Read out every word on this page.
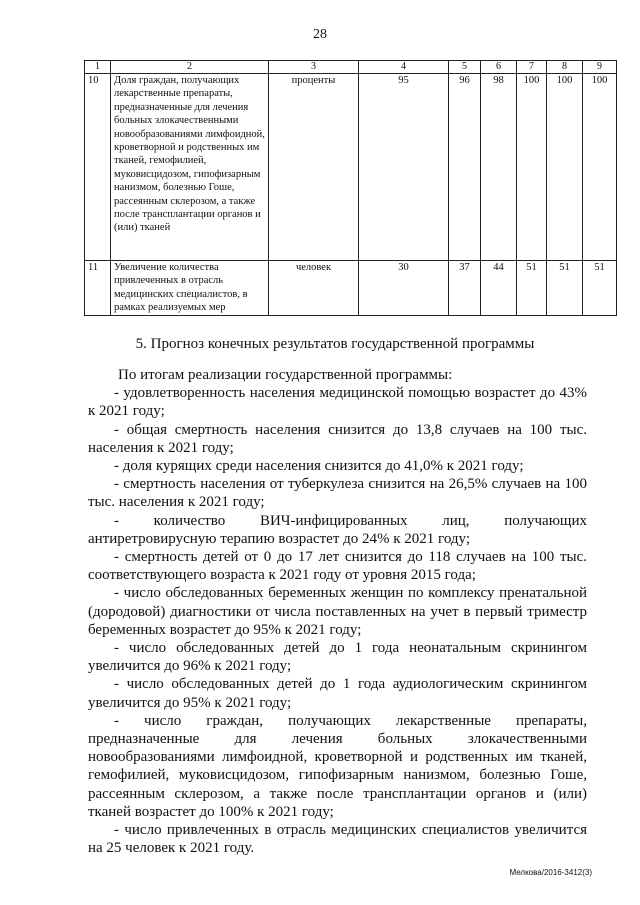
28
1	2	3	4	5	6	7	8	9
10	Доля граждан, получающих лекарственные препараты, предназначенные для лечения больных злокачественными новообразованиями лимфоидной, кроветворной и родственных им тканей, гемофилией, муковисцидозом, гипофизарным нанизмом, болезнью Гоше, рассеянным склерозом, а также после трансплантации органов и (или) тканей	проценты	95	96	98	100	100	100
11	Увеличение количества привлеченных в отрасль медицинских специалистов, в рамках реализуемых мер	человек	30	37	44	51	51	51
5. Прогноз конечных результатов государственной программы

По итогам реализации государственной программы:

- удовлетворенность населения медицинской помощью возрастет до 43% к 2021 году;

- общая смертность населения снизится до 13,8 случаев на 100 тыс. населения к 2021 году;

- доля курящих среди населения снизится до 41,0% к 2021 году;

- смертность населения от туберкулеза снизится на 26,5% случаев на 100 тыс. населения к 2021 году;

- количество ВИЧ-инфицированных лиц, получающих антиретровирусную терапию возрастет до 24% к 2021 году;

- смертность детей от 0 до 17 лет снизится до 118 случаев на 100 тыс. соответствующего возраста к 2021 году от уровня 2015 года;

- число обследованных беременных женщин по комплексу пренатальной (дородовой) диагностики от числа поставленных на учет в первый триместр беременных возрастет до 95% к 2021 году;

- число обследованных детей до 1 года неонатальным скринингом увеличится до 96% к 2021 году;

- число обследованных детей до 1 года аудиологическим скринингом увеличится до 95% к 2021 году;

- число граждан, получающих лекарственные препараты, предназначенные для лечения больных злокачественными новообразованиями лимфоидной, кроветворной и родственных им тканей, гемофилией, муковисцидозом, гипофизарным нанизмом, болезнью Гоше, рассеянным склерозом, а также после трансплантации органов и (или) тканей возрастет до 100% к 2021 году;

- число привлеченных в отрасль медицинских специалистов увеличится на 25 человек к 2021 году.

Мелкова/2016-3412(3)
